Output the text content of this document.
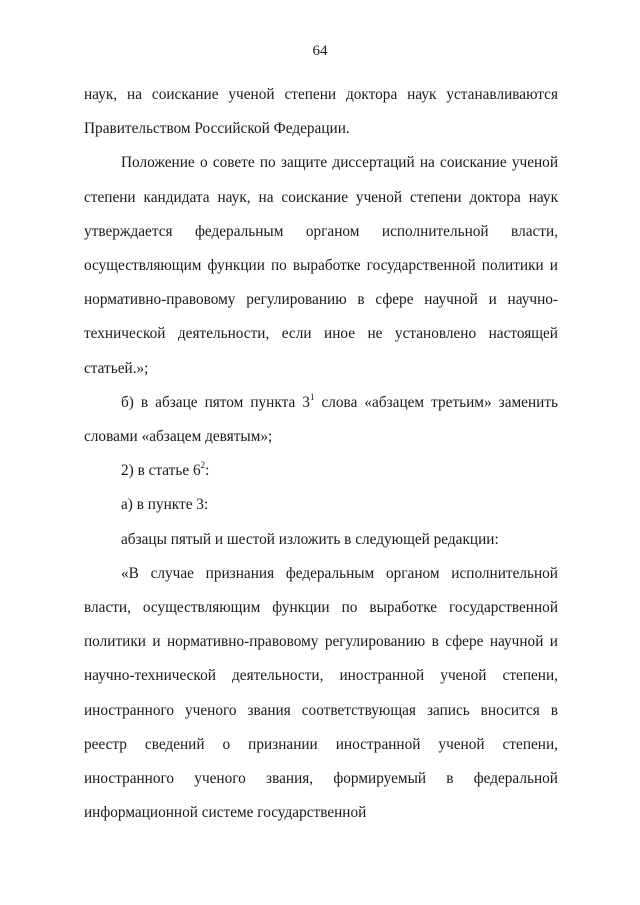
64

наук, на соискание ученой степени доктора наук устанавливаются Правительством Российской Федерации.

Положение о совете по защите диссертаций на соискание ученой степени кандидата наук, на соискание ученой степени доктора наук утверждается федеральным органом исполнительной власти, осуществляющим функции по выработке государственной политики и нормативно-правовому регулированию в сфере научной и научно-технической деятельности, если иное не установлено настоящей статьей.»;

б) в абзаце пятом пункта $3^1$ слова «абзацем третьим» заменить словами «абзацем девятым»;

2) в статье $6^2$:

а) в пункте 3:

абзацы пятый и шестой изложить в следующей редакции:

«В случае признания федеральным органом исполнительной власти, осуществляющим функции по выработке государственной политики и нормативно-правовому регулированию в сфере научной и научно-технической деятельности, иностранной ученой степени, иностранного ученого звания соответствующая запись вносится в реестр сведений о признании иностранной ученой степени, иностранного ученого звания, формируемый в федеральной информационной системе государственной
